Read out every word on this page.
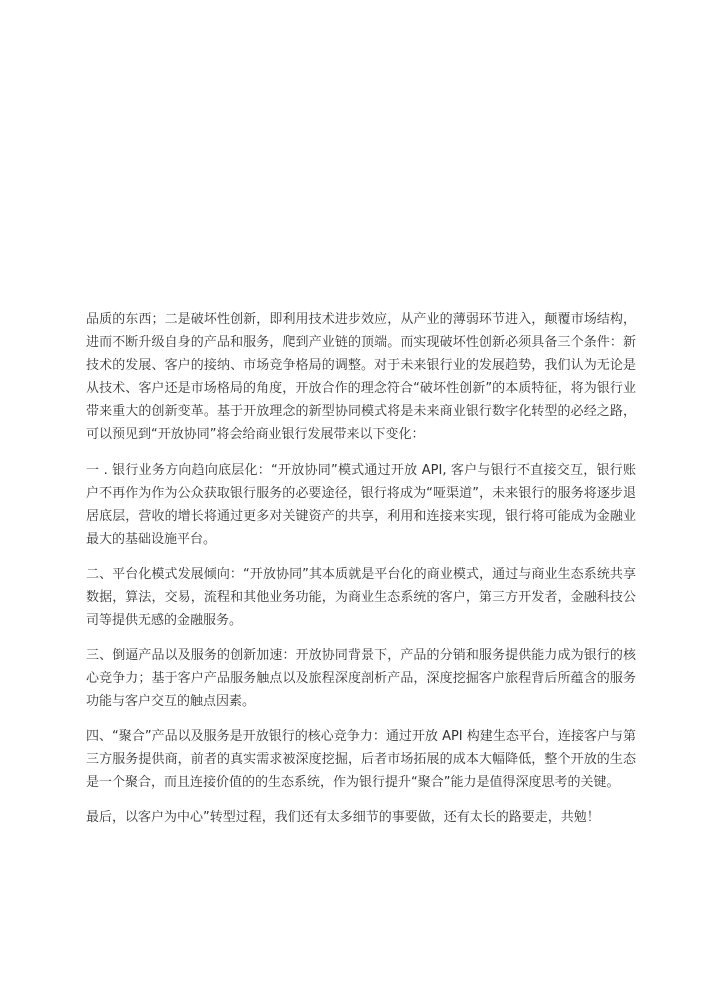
品质的东西；二是破坏性创新，即利用技术进步效应，从产业的薄弱环节进入，颠覆市场结构，进而不断升级自身的产品和服务，爬到产业链的顶端。而实现破坏性创新必须具备三个条件：新技术的发展、客户的接纳、市场竞争格局的调整。对于未来银行业的发展趋势，我们认为无论是从技术、客户还是市场格局的角度，开放合作的理念符合“破坏性创新”的本质特征，将为银行业带来重大的创新变革。基于开放理念的新型协同模式将是未来商业银行数字化转型的必经之路，可以预见到“开放协同”将会给商业银行发展带来以下变化：

一 . 银行业务方向趋向底层化：“开放协同”模式通过开放 API, 客户与银行不直接交互，银行账户不再作为作为公众获取银行服务的必要途径，银行将成为“哑渠道”，未来银行的服务将逐步退居底层，营收的增长将通过更多对关键资产的共享，利用和连接来实现，银行将可能成为金融业最大的基础设施平台。

二、平台化模式发展倾向：“开放协同”其本质就是平台化的商业模式，通过与商业生态系统共享数据，算法，交易，流程和其他业务功能，为商业生态系统的客户，第三方开发者，金融科技公司等提供无感的金融服务。

三、倒逼产品以及服务的创新加速：开放协同背景下，产品的分销和服务提供能力成为银行的核心竞争力；基于客户产品服务触点以及旅程深度剖析产品，深度挖掘客户旅程背后所蕴含的服务功能与客户交互的触点因素。

四、“聚合”产品以及服务是开放银行的核心竞争力：通过开放 API 构建生态平台，连接客户与第三方服务提供商，前者的真实需求被深度挖掘，后者市场拓展的成本大幅降低，整个开放的生态是一个聚合，而且连接价值的的生态系统，作为银行提升“聚合”能力是值得深度思考的关键。

最后，以客户为中心”转型过程，我们还有太多细节的事要做，还有太长的路要走，共勉！
